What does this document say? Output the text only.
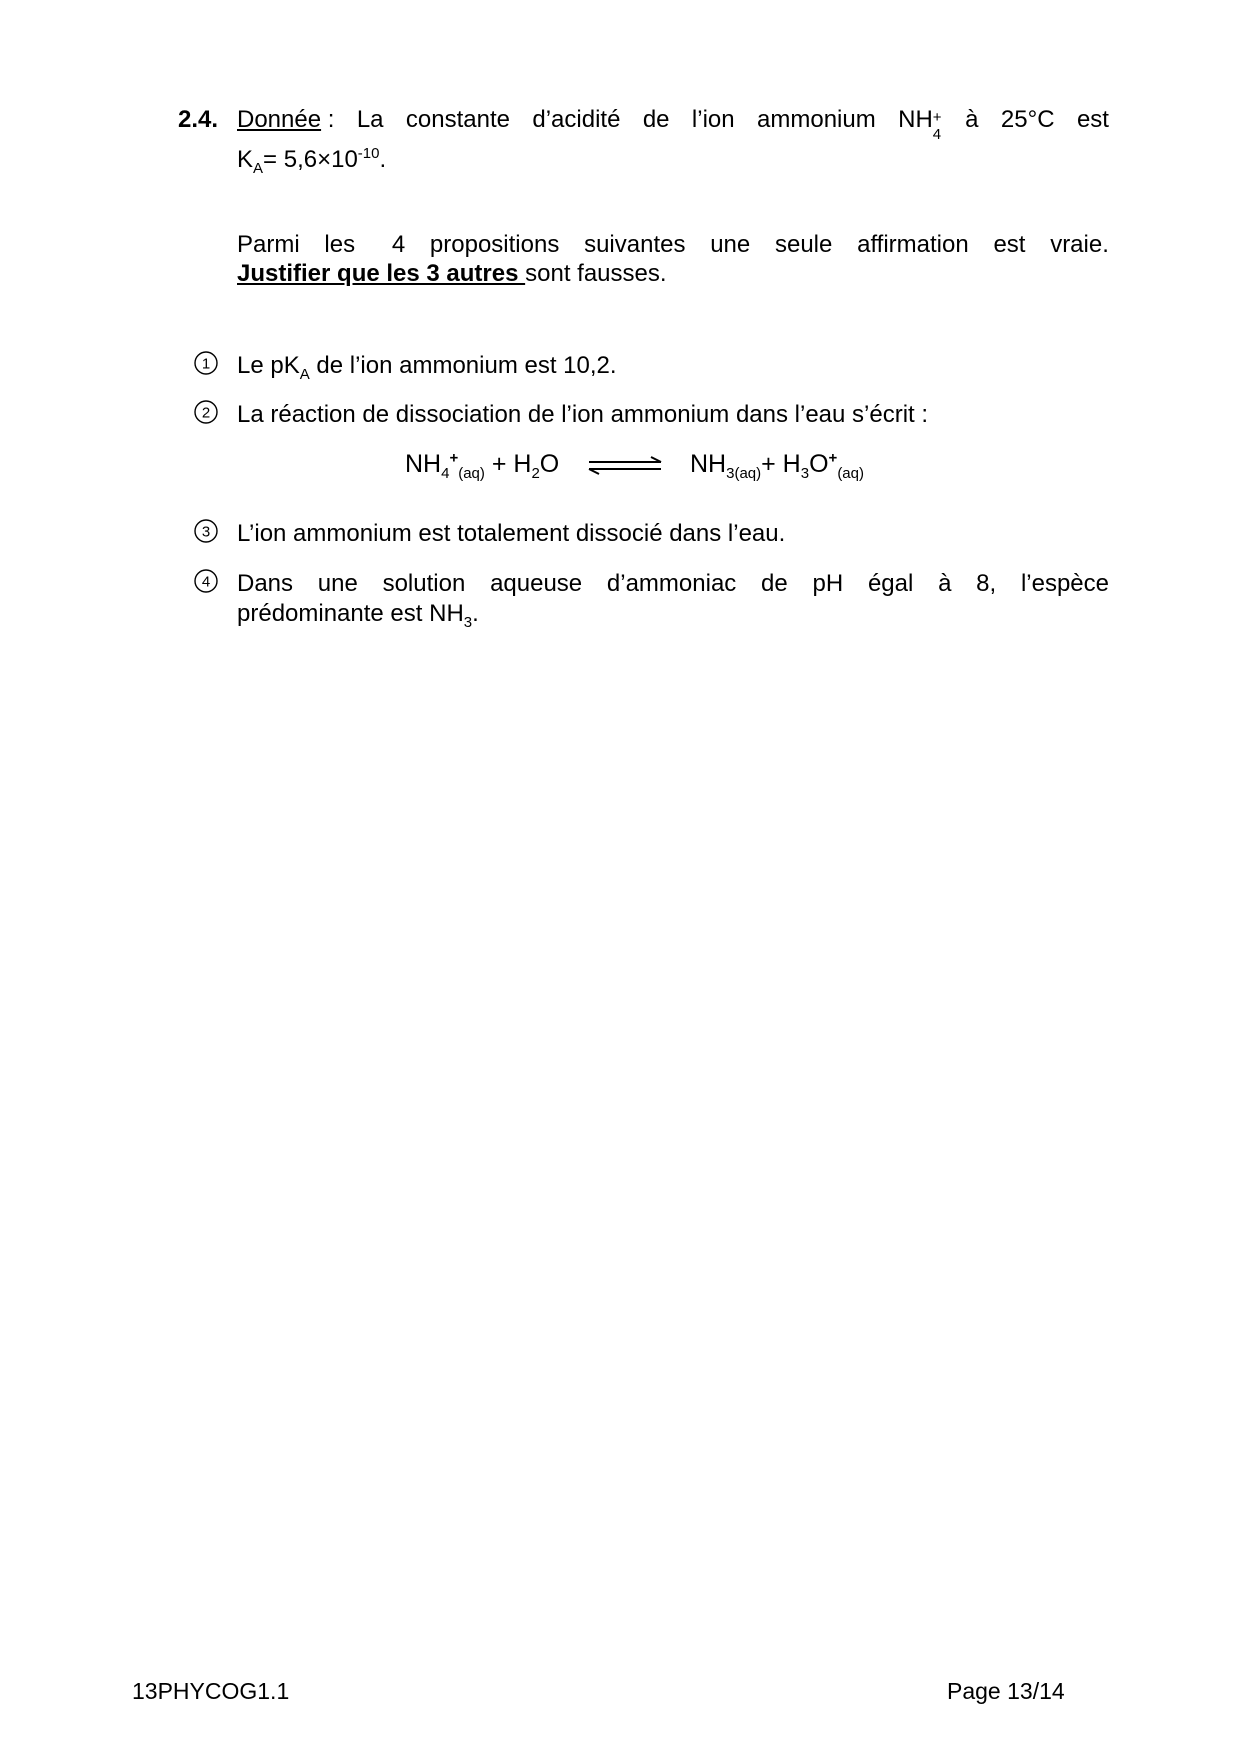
2.4. Donnée : La constante d’acidité de l’ion ammonium NH +
4
à 25°C est
$K_A= 5,6\times 10^{-10}$.
Parmi les 4 propositions suivantes une seule affirmation est vraie.
Justifier que les 3 autres sont fausses.
1 Le $pK_A$ de l’ion ammonium est 10,2.
2 La réaction de dissociation de l’ion ammonium dans l’eau s’écrit :
$NH_4^+_{(aq)} + H_2O$ ⇌ $NH_{3(aq)}+ H_3O^+_{(aq)}$
3 L’ion ammonium est totalement dissocié dans l’eau.
4 Dans une solution aqueuse d’ammoniac de pH égal à 8, l’espèce
prédominante est $NH_3$.
13PHYCOG1.1	Page 13/14
